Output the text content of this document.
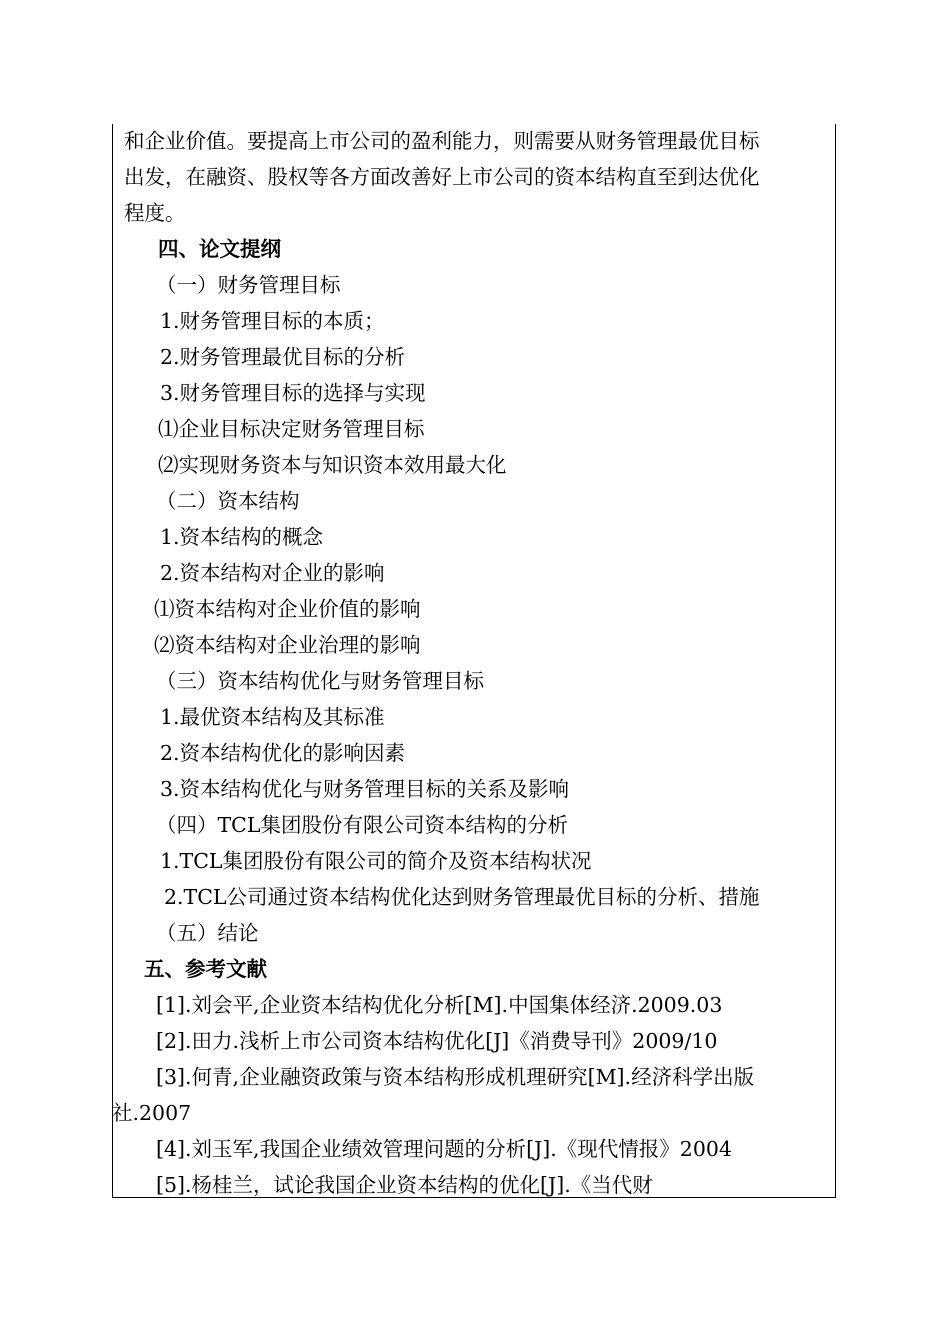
和企业价值。要提高上市公司的盈利能力，则需要从财务管理最优目标
出发，在融资、股权等各方面改善好上市公司的资本结构直至到达优化
程度。
四、论文提纲
（一）财务管理目标
1.财务管理目标的本质；
2.财务管理最优目标的分析
3.财务管理目标的选择与实现
⑴企业目标决定财务管理目标
⑵实现财务资本与知识资本效用最大化
（二）资本结构
1.资本结构的概念
2.资本结构对企业的影响
⑴资本结构对企业价值的影响
⑵资本结构对企业治理的影响
（三）资本结构优化与财务管理目标
1.最优资本结构及其标准
2.资本结构优化的影响因素
3.资本结构优化与财务管理目标的关系及影响
（四）TCL集团股份有限公司资本结构的分析
1.TCL集团股份有限公司的简介及资本结构状况
2.TCL公司通过资本结构优化达到财务管理最优目标的分析、措施
（五）结论
五、参考文献
[1].刘会平,企业资本结构优化分析[M].中国集体经济.2009.03
[2].田力.浅析上市公司资本结构优化[J]《消费导刊》2009/10
[3].何青,企业融资政策与资本结构形成机理研究[M].经济科学出版
社.2007
[4].刘玉军,我国企业绩效管理问题的分析[J].《现代情报》2004
[5].杨桂兰，试论我国企业资本结构的优化[J].《当代财
